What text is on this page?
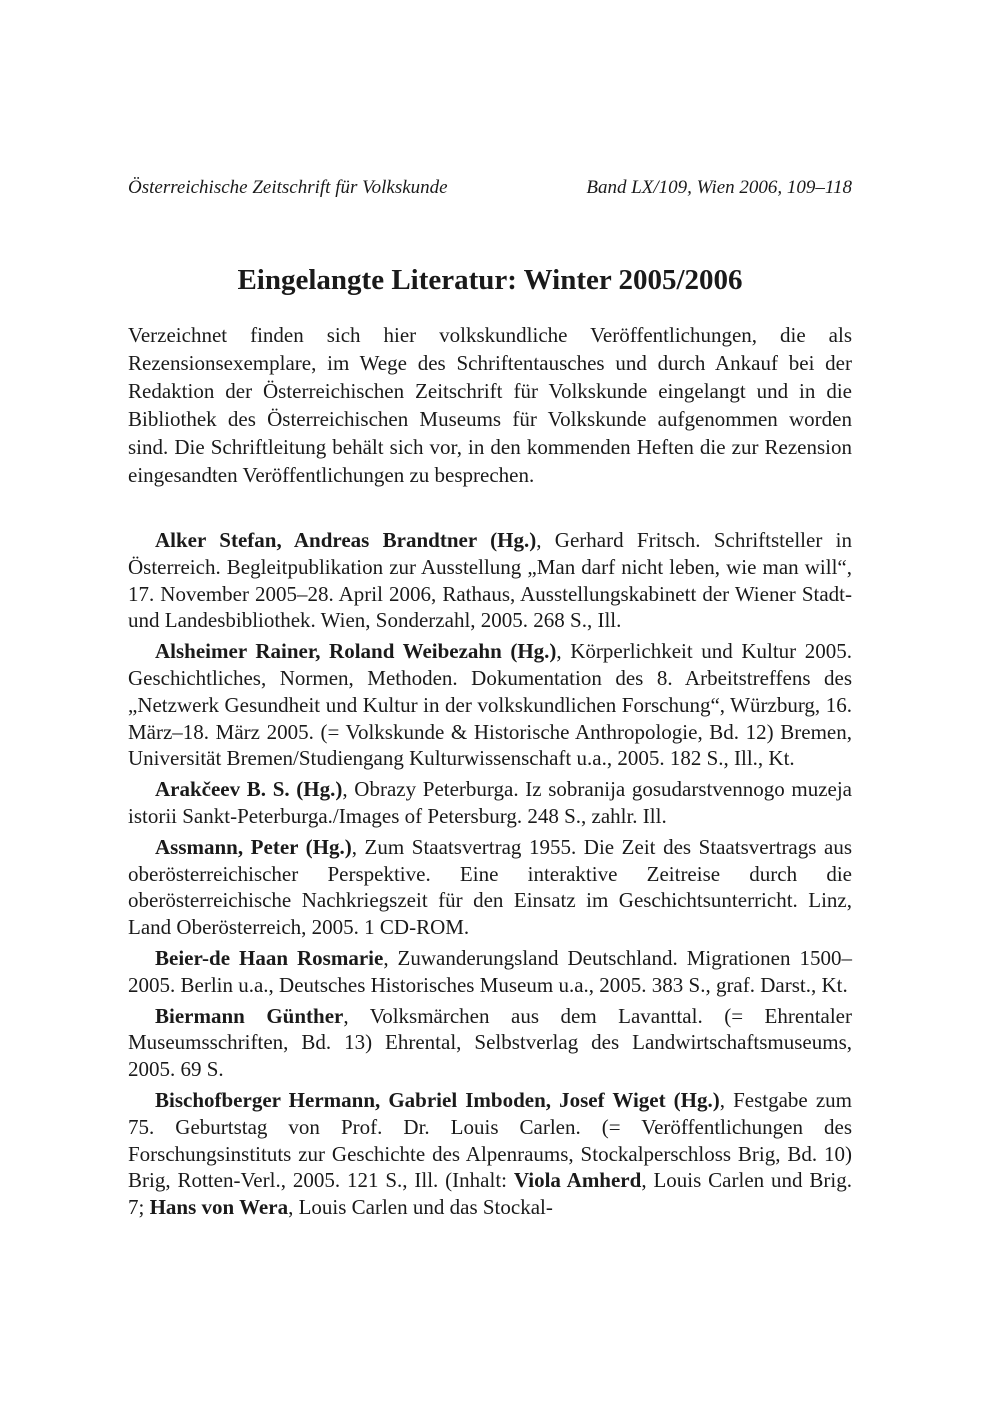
Österreichische Zeitschrift für Volkskunde	Band LX/109, Wien 2006, 109–118
Eingelangte Literatur: Winter 2005/2006

Verzeichnet finden sich hier volkskundliche Veröffentlichungen, die als Rezensionsexemplare, im Wege des Schriftentausches und durch Ankauf bei der Redaktion der Österreichischen Zeitschrift für Volkskunde eingelangt und in die Bibliothek des Österreichischen Museums für Volkskunde aufgenommen worden sind. Die Schriftleitung behält sich vor, in den kommenden Heften die zur Rezension eingesandten Veröffentlichungen zu besprechen.

Alker Stefan, Andreas Brandtner (Hg.), Gerhard Fritsch. Schriftsteller in Österreich. Begleitpublikation zur Ausstellung „Man darf nicht leben, wie man will“, 17. November 2005–28. April 2006, Rathaus, Ausstellungskabinett der Wiener Stadt- und Landesbibliothek. Wien, Sonderzahl, 2005. 268 S., Ill.

Alsheimer Rainer, Roland Weibezahn (Hg.), Körperlichkeit und Kultur 2005. Geschichtliches, Normen, Methoden. Dokumentation des 8. Arbeitstreffens des „Netzwerk Gesundheit und Kultur in der volkskundlichen Forschung“, Würzburg, 16. März–18. März 2005. (= Volkskunde & Historische Anthropologie, Bd. 12) Bremen, Universität Bremen/Studiengang Kulturwissenschaft u.a., 2005. 182 S., Ill., Kt.

Arakčeev B. S. (Hg.), Obrazy Peterburga. Iz sobranija gosudarstvennogo muzeja istorii Sankt-Peterburga./Images of Petersburg. 248 S., zahlr. Ill.

Assmann, Peter (Hg.), Zum Staatsvertrag 1955. Die Zeit des Staatsvertrags aus oberösterreichischer Perspektive. Eine interaktive Zeitreise durch die oberösterreichische Nachkriegszeit für den Einsatz im Geschichtsunterricht. Linz, Land Oberösterreich, 2005. 1 CD-ROM.

Beier-de Haan Rosmarie, Zuwanderungsland Deutschland. Migrationen 1500–2005. Berlin u.a., Deutsches Historisches Museum u.a., 2005. 383 S., graf. Darst., Kt.

Biermann Günther, Volksmärchen aus dem Lavanttal. (= Ehrentaler Museumsschriften, Bd. 13) Ehrental, Selbstverlag des Landwirtschaftsmuseums, 2005. 69 S.

Bischofberger Hermann, Gabriel Imboden, Josef Wiget (Hg.), Festgabe zum 75. Geburtstag von Prof. Dr. Louis Carlen. (= Veröffentlichungen des Forschungsinstituts zur Geschichte des Alpenraums, Stockalperschloss Brig, Bd. 10) Brig, Rotten-Verl., 2005. 121 S., Ill. (Inhalt: Viola Amherd, Louis Carlen und Brig. 7; Hans von Wera, Louis Carlen und das Stockal-
